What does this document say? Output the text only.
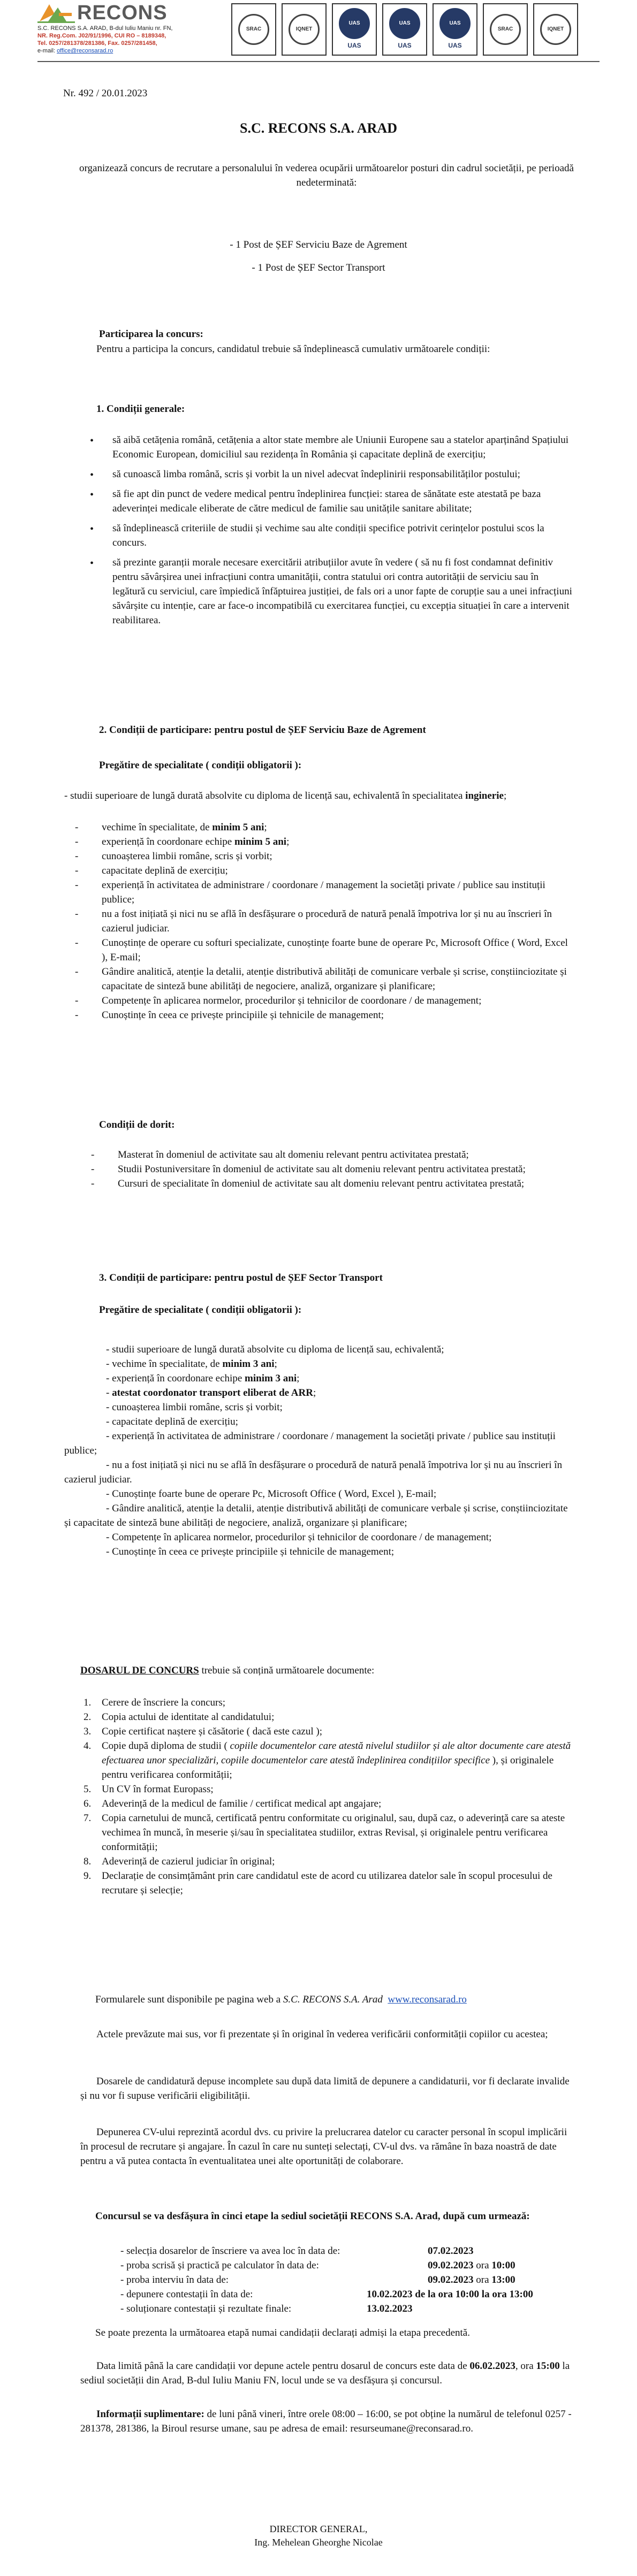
RECONS
S.C. RECONS S.A. ARAD, B-dul Iuliu Maniu nr. FN,
NR. Reg.Com. J02/91/1996, CUI RO – 8189348,
Tel. 0257/281378/281386, Fax. 0257/281458,
e-mail: office@reconsarad.ro
SRAC	IQNET
UAS
UAS
UAS
UAS
UAS
UAS
SRAC	IQNET
Nr. 492 / 20.01.2023
S.C. RECONS S.A. ARAD
organizează concurs de recrutare a personalului în vederea ocupării următoarelor posturi din cadrul societății, pe perioadă nedeterminată:
- 1 Post de ȘEF Serviciu Baze de Agrement
- 1 Post de ȘEF Sector Transport
Participarea la concurs:
Pentru a participa la concurs, candidatul trebuie să îndeplinească cumulativ următoarele condiții:
1. Condiții generale:
• să aibă cetățenia română, cetățenia a altor state membre ale Uniunii Europene sau a statelor aparținând Spațiului Economic European, domiciliul sau rezidența în România și capacitate deplină de exercițiu;
• să cunoască limba română, scris și vorbit la un nivel adecvat îndeplinirii responsabilităților postului;
• să fie apt din punct de vedere medical pentru îndeplinirea funcției: starea de sănătate este atestată pe baza adeverinței medicale eliberate de către medicul de familie sau unitățile sanitare abilitate;
• să îndeplinească criteriile de studii și vechime sau alte condiții specifice potrivit cerințelor postului scos la concurs.
• să prezinte garanții morale necesare exercitării atribuțiilor avute în vedere ( să nu fi fost condamnat definitiv pentru săvârșirea unei infracțiuni contra umanității, contra statului ori contra autorității de serviciu sau în legătură cu serviciul, care împiedică înfăptuirea justiției, de fals ori a unor fapte de corupție sau a unei infracțiuni săvârșite cu intenție, care ar face-o incompatibilă cu exercitarea funcției, cu excepția situației în care a intervenit reabilitarea.
2. Condiții de participare: pentru postul de ȘEF Serviciu Baze de Agrement
Pregătire de specialitate ( condiții obligatorii ):
- studii superioare de lungă durată absolvite cu diploma de licență sau, echivalentă în specialitatea inginerie;
- vechime în specialitate, de minim 5 ani;
- experiență în coordonare echipe minim 5 ani;
- cunoașterea limbii române, scris și vorbit;
- capacitate deplină de exercițiu;
- experiență în activitatea de administrare / coordonare / management la societăți private / publice sau instituții publice;
- nu a fost inițiată și nici nu se află în desfășurare o procedură de natură penală împotriva lor și nu au înscrieri în cazierul judiciar.
- Cunoștințe de operare cu softuri specializate, cunoștințe foarte bune de operare Pc, Microsoft Office ( Word, Excel ), E-mail;
- Gândire analitică, atenție la detalii, atenție distributivă abilități de comunicare verbale și scrise, conștiinciozitate și capacitate de sinteză bune abilități de negociere, analiză, organizare și planificare;
- Competențe în aplicarea normelor, procedurilor și tehnicilor de coordonare / de management;
- Cunoștințe în ceea ce privește principiile și tehnicile de management;
Condiții de dorit:
- Masterat în domeniul de activitate sau alt domeniu relevant pentru activitatea prestată;
- Studii Postuniversitare în domeniul de activitate sau alt domeniu relevant pentru activitatea prestată;
- Cursuri de specialitate în domeniul de activitate sau alt domeniu relevant pentru activitatea prestată;
3. Condiții de participare: pentru postul de ȘEF Sector Transport
Pregătire de specialitate ( condiții obligatorii ):
- studii superioare de lungă durată absolvite cu diploma de licență sau, echivalentă;
- vechime în specialitate, de minim 3 ani;
- experiență în coordonare echipe minim 3 ani;
- atestat coordonator transport eliberat de ARR;
- cunoașterea limbii române, scris și vorbit;
- capacitate deplină de exercițiu;
- experiență în activitatea de administrare / coordonare / management la societăți private / publice sau instituții publice;
- nu a fost inițiată și nici nu se află în desfășurare o procedură de natură penală împotriva lor și nu au înscrieri în cazierul judiciar.
- Cunoștințe foarte bune de operare Pc, Microsoft Office ( Word, Excel ), E-mail;
- Gândire analitică, atenție la detalii, atenție distributivă abilități de comunicare verbale și scrise, conștiinciozitate și capacitate de sinteză bune abilități de negociere, analiză, organizare și planificare;
- Competențe în aplicarea normelor, procedurilor și tehnicilor de coordonare / de management;
- Cunoștințe în ceea ce privește principiile și tehnicile de management;
DOSARUL DE CONCURS trebuie să conțină următoarele documente:
1. Cerere de înscriere la concurs;
2. Copia actului de identitate al candidatului;
3. Copie certificat naștere și căsătorie ( dacă este cazul );
4. Copie după diploma de studii ( copiile documentelor care atestă nivelul studiilor și ale altor documente care atestă efectuarea unor specializări, copiile documentelor care atestă îndeplinirea condițiilor specifice ), și originalele pentru verificarea conformității;
5. Un CV în format Europass;
6. Adeverință de la medicul de familie / certificat medical apt angajare;
7. Copia carnetului de muncă, certificată pentru conformitate cu originalul, sau, după caz, o adeverință care sa ateste vechimea în muncă, în meserie și/sau în specialitatea studiilor, extras Revisal, și originalele pentru verificarea conformității;
8. Adeverință de cazierul judiciar în original;
9. Declarație de consimțământ prin care candidatul este de acord cu utilizarea datelor sale în scopul procesului de recrutare și selecție;
Formularele sunt disponibile pe pagina web a S.C. RECONS S.A. Arad www.reconsarad.ro
Actele prevăzute mai sus, vor fi prezentate și în original în vederea verificării conformității copiilor cu acestea;
Dosarele de candidatură depuse incomplete sau după data limită de depunere a candidaturii, vor fi declarate invalide și nu vor fi supuse verificării eligibilității.
Depunerea CV-ului reprezintă acordul dvs. cu privire la prelucrarea datelor cu caracter personal în scopul implicării în procesul de recrutare și angajare. În cazul în care nu sunteți selectați, CV-ul dvs. va rămâne în baza noastră de date pentru a vă putea contacta în eventualitatea unei alte oportunități de colaborare.
Concursul se va desfășura în cinci etape la sediul societății RECONS S.A. Arad, după cum urmează:
- selecția dosarelor de înscriere va avea loc în data de:	07.02.2023
- proba scrisă și practică pe calculator în data de:	09.02.2023 ora 10:00
- proba interviu în data de:	09.02.2023 ora 13:00
- depunere contestații în data de:	10.02.2023 de la ora 10:00 la ora 13:00
- soluționare contestații și rezultate finale:	13.02.2023
Se poate prezenta la următoarea etapă numai candidații declarați admiși la etapa precedentă.
Data limită până la care candidații vor depune actele pentru dosarul de concurs este data de 06.02.2023, ora 15:00 la sediul societății din Arad, B-dul Iuliu Maniu FN, locul unde se va desfășura și concursul.
Informații suplimentare: de luni până vineri, între orele 08:00 – 16:00, se pot obține la numărul de telefonul 0257 - 281378, 281386, la Biroul resurse umane, sau pe adresa de email: resurseumane@reconsarad.ro.
DIRECTOR GENERAL,
Ing. Mehelean Gheorghe Nicolae
